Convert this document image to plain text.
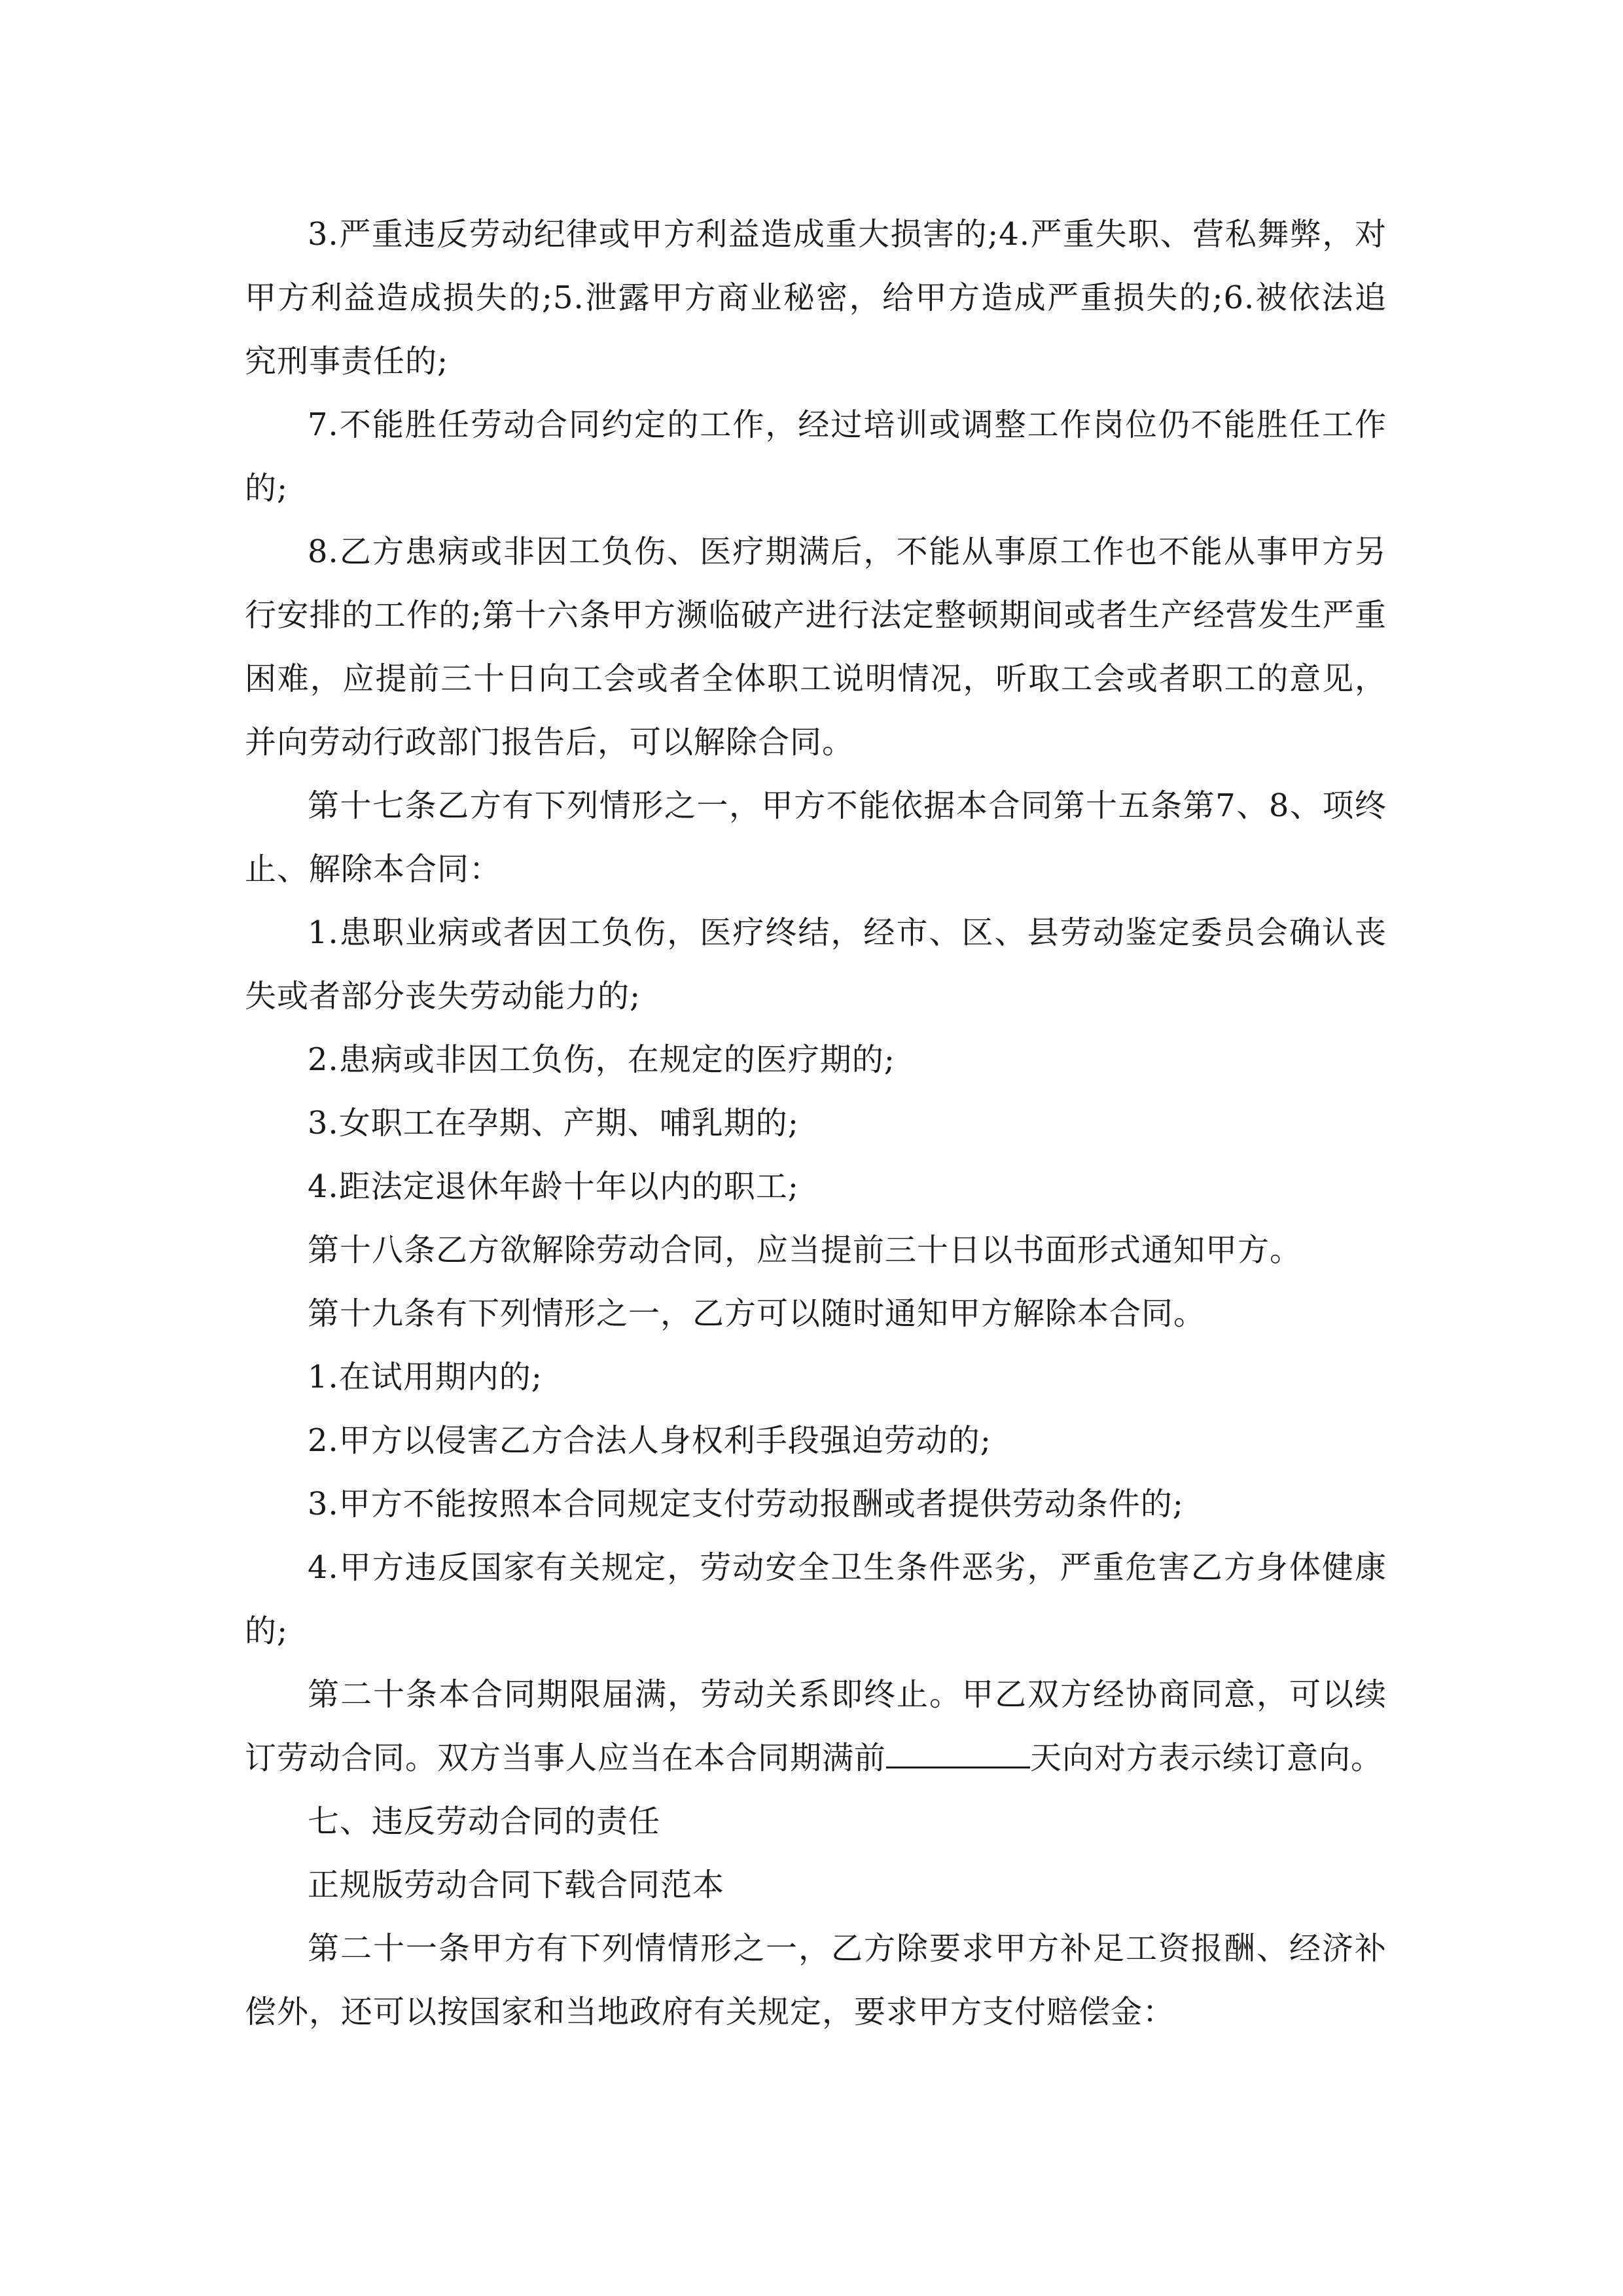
3.严重违反劳动纪律或甲方利益造成重大损害的;4.严重失职、营私舞弊，对甲方利益造成损失的;5.泄露甲方商业秘密，给甲方造成严重损失的;6.被依法追究刑事责任的;

7.不能胜任劳动合同约定的工作，经过培训或调整工作岗位仍不能胜任工作的;

8.乙方患病或非因工负伤、医疗期满后，不能从事原工作也不能从事甲方另行安排的工作的;第十六条甲方濒临破产进行法定整顿期间或者生产经营发生严重困难，应提前三十日向工会或者全体职工说明情况，听取工会或者职工的意见，并向劳动行政部门报告后，可以解除合同。

第十七条乙方有下列情形之一，甲方不能依据本合同第十五条第7、8、项终止、解除本合同：

1.患职业病或者因工负伤，医疗终结，经市、区、县劳动鉴定委员会确认丧失或者部分丧失劳动能力的;

2.患病或非因工负伤，在规定的医疗期的;

3.女职工在孕期、产期、哺乳期的;

4.距法定退休年龄十年以内的职工;

第十八条乙方欲解除劳动合同，应当提前三十日以书面形式通知甲方。

第十九条有下列情形之一，乙方可以随时通知甲方解除本合同。

1.在试用期内的;

2.甲方以侵害乙方合法人身权利手段强迫劳动的;

3.甲方不能按照本合同规定支付劳动报酬或者提供劳动条件的;

4.甲方违反国家有关规定，劳动安全卫生条件恶劣，严重危害乙方身体健康的;

第二十条本合同期限届满，劳动关系即终止。甲乙双方经协商同意，可以续订劳动合同。双方当事人应当在本合同期满前	天向对方表示续订意向。

七、违反劳动合同的责任

正规版劳动合同下载合同范本

第二十一条甲方有下列情情形之一，乙方除要求甲方补足工资报酬、经济补偿外，还可以按国家和当地政府有关规定，要求甲方支付赔偿金：
